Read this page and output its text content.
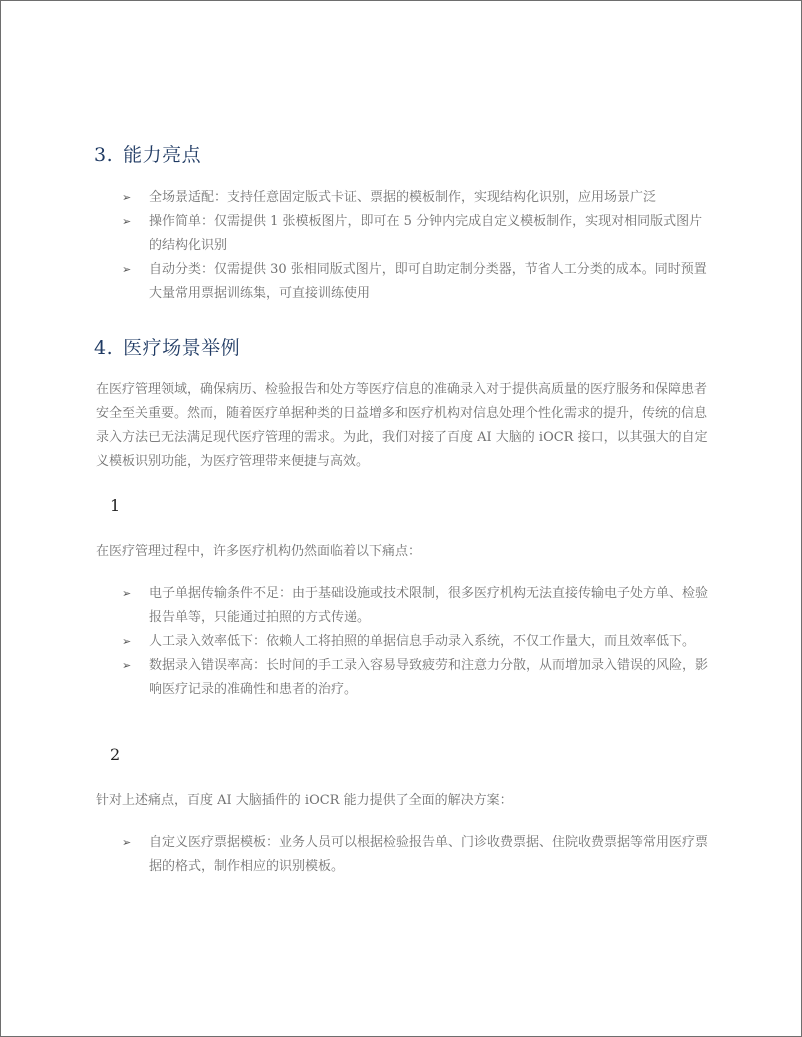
3. 能力亮点
➢ 全场景适配：支持任意固定版式卡证、票据的模板制作，实现结构化识别，应用场景广泛
➢ 操作简单：仅需提供 1 张模板图片，即可在 5 分钟内完成自定义模板制作，实现对相同版式图片的结构化识别
➢ 自动分类：仅需提供 30 张相同版式图片，即可自助定制分类器，节省人工分类的成本。同时预置大量常用票据训练集，可直接训练使用
4. 医疗场景举例

在医疗管理领域，确保病历、检验报告和处方等医疗信息的准确录入对于提供高质量的医疗服务和保障患者安全至关重要。然而，随着医疗单据种类的日益增多和医疗机构对信息处理个性化需求的提升，传统的信息录入方法已无法满足现代医疗管理的需求。为此，我们对接了百度 AI 大脑的 iOCR 接口，以其强大的自定义模板识别功能，为医疗管理带来便捷与高效。

1

在医疗管理过程中，许多医疗机构仍然面临着以下痛点：

➢ 电子单据传输条件不足：由于基础设施或技术限制，很多医疗机构无法直接传输电子处方单、检验报告单等，只能通过拍照的方式传递。
➢ 人工录入效率低下：依赖人工将拍照的单据信息手动录入系统，不仅工作量大，而且效率低下。
➢ 数据录入错误率高：长时间的手工录入容易导致疲劳和注意力分散，从而增加录入错误的风险，影响医疗记录的准确性和患者的治疗。
2

针对上述痛点，百度 AI 大脑插件的 iOCR 能力提供了全面的解决方案：

➢ 自定义医疗票据模板：业务人员可以根据检验报告单、门诊收费票据、住院收费票据等常用医疗票据的格式，制作相应的识别模板。
